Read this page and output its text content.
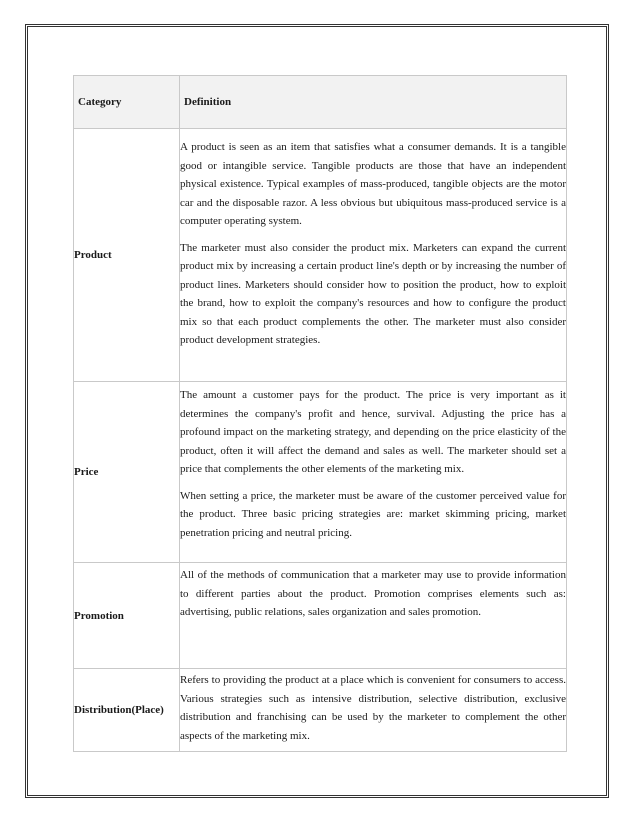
Category	Definition
Product	A product is seen as an item that satisfies what a consumer demands. It is a tangible good or intangible service. Tangible products are those that have an independent physical existence. Typical examples of mass-produced, tangible objects are the motor car and the disposable razor. A less obvious but ubiquitous mass-produced service is a computer operating system.

The marketer must also consider the product mix. Marketers can expand the current product mix by increasing a certain product line's depth or by increasing the number of product lines. Marketers should consider how to position the product, how to exploit the brand, how to exploit the company's resources and how to configure the product mix so that each product complements the other. The marketer must also consider product development strategies.

Price	The amount a customer pays for the product. The price is very important as it determines the company's profit and hence, survival. Adjusting the price has a profound impact on the marketing strategy, and depending on the price elasticity of the product, often it will affect the demand and sales as well. The marketer should set a price that complements the other elements of the marketing mix.

When setting a price, the marketer must be aware of the customer perceived value for the product. Three basic pricing strategies are: market skimming pricing, market penetration pricing and neutral pricing.

Promotion	All of the methods of communication that a marketer may use to provide information to different parties about the product. Promotion comprises elements such as: advertising, public relations, sales organization and sales promotion.

Distribution(Place)	Refers to providing the product at a place which is convenient for consumers to access. Various strategies such as intensive distribution, selective distribution, exclusive distribution and franchising can be used by the marketer to complement the other aspects of the marketing mix.
